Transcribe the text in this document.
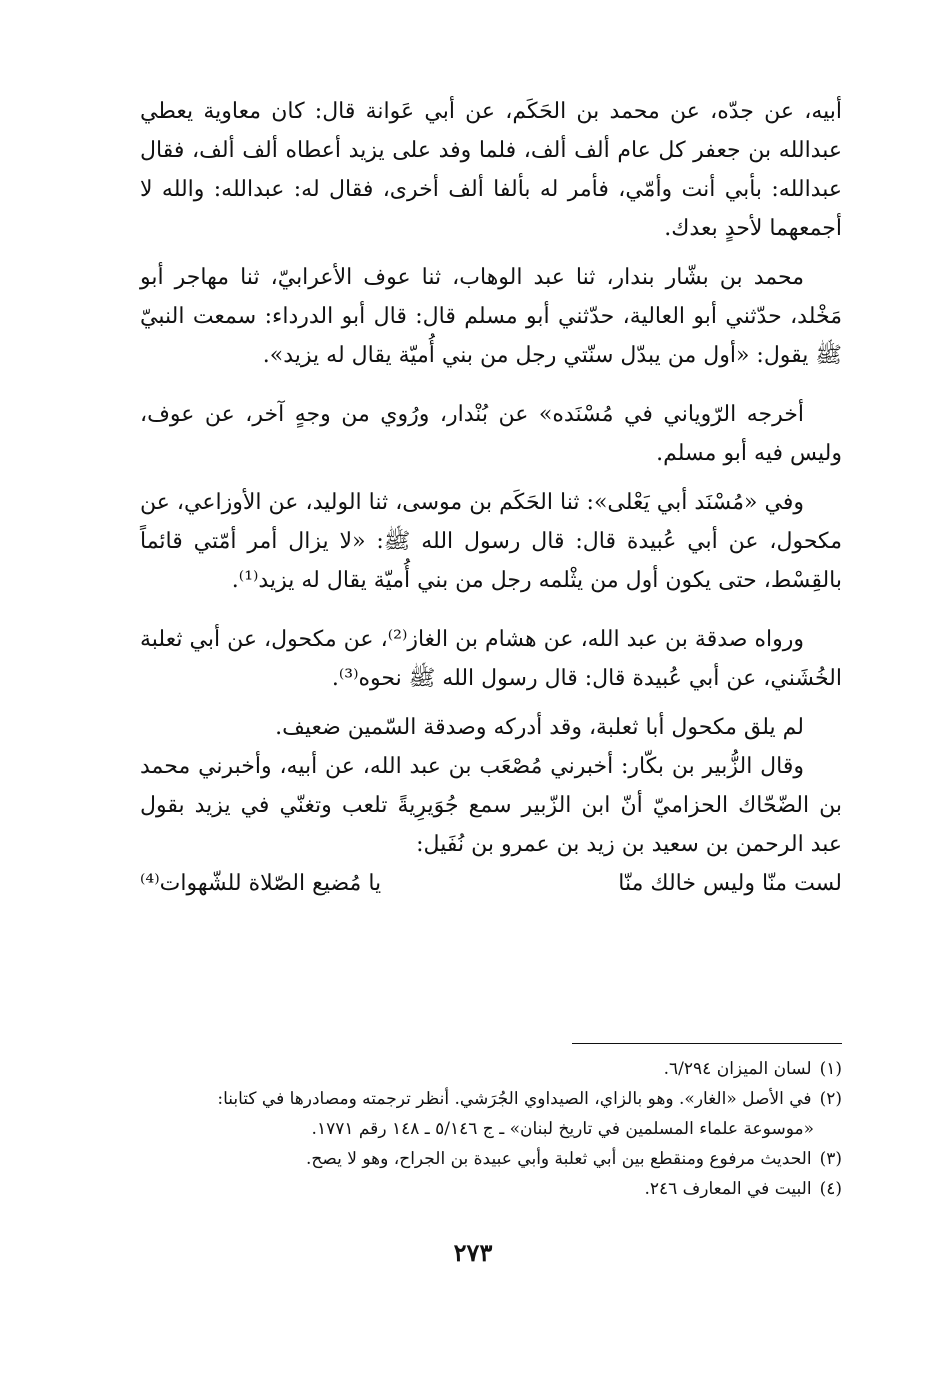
أبيه، عن جدّه، عن محمد بن الحَكَم، عن أبي عَوانة قال: كان معاوية يعطي عبدالله بن جعفر كل عام ألف ألف، فلما وفد على يزيد أعطاه ألف ألف، فقال عبدالله: بأبي أنت وأمّي، فأمر له بألفا ألف أخرى، فقال له: عبدالله: والله لا أجمعهما لأحدٍ بعدك.

محمد بن بشّار بندار، ثنا عبد الوهاب، ثنا عوف الأعرابيّ، ثنا مهاجر أبو مَخْلد، حدّثني أبو العالية، حدّثني أبو مسلم قال: قال أبو الدرداء: سمعت النبيّ ﷺ يقول: «أول من يبدّل سنّتي رجل من بني أُميّة يقال له يزيد».

أخرجه الرّوياني في مُسْنَده» عن بُنْدار، ورُوي من وجهٍ آخر، عن عوف، وليس فيه أبو مسلم.

وفي «مُسْنَد أبي يَعْلى»: ثنا الحَكَم بن موسى، ثنا الوليد، عن الأوزاعي، عن مكحول، عن أبي عُبيدة قال: قال رسول الله ﷺ: «لا يزال أمر أمّتي قائماً بالقِسْط، حتى يكون أول من يثْلمه رجل من بني أُميّة يقال له يزيد⁽¹⁾.

ورواه صدقة بن عبد الله، عن هشام بن الغاز⁽²⁾، عن مكحول، عن أبي ثعلبة الخُشَني، عن أبي عُبيدة قال: قال رسول الله ﷺ نحوه⁽³⁾.

لم يلق مكحول أبا ثعلبة، وقد أدركه وصدقة السّمين ضعيف.

وقال الزُّبير بن بكّار: أخبرني مُصْعَب بن عبد الله، عن أبيه، وأخبرني محمد بن الضّحّاك الحزاميّ أنّ ابن الزّبير سمع جُوَيرِيةً تلعب وتغنّي في يزيد بقول عبد الرحمن بن سعيد بن زيد بن عمرو بن نُفَيل:

لست منّا وليس خالك منّا
يا مُضيع الصّلاة للشّهوات⁽⁴⁾

(١)لسان الميزان ٦/٢٩٤.

(٢)في الأصل «الغار». وهو بالزاي، الصيداوي الجُرَشي. أنظر ترجمته ومصادرها في كتابنا:

«موسوعة علماء المسلمين في تاريخ لبنان» ـ ج ٥/١٤٦ ـ ١٤٨ رقم ١٧٧١.

(٣)الحديث مرفوع ومنقطع بين أبي ثعلبة وأبي عبيدة بن الجراح، وهو لا يصح.

(٤)البيت في المعارف ٢٤٦.

٢٧٣
